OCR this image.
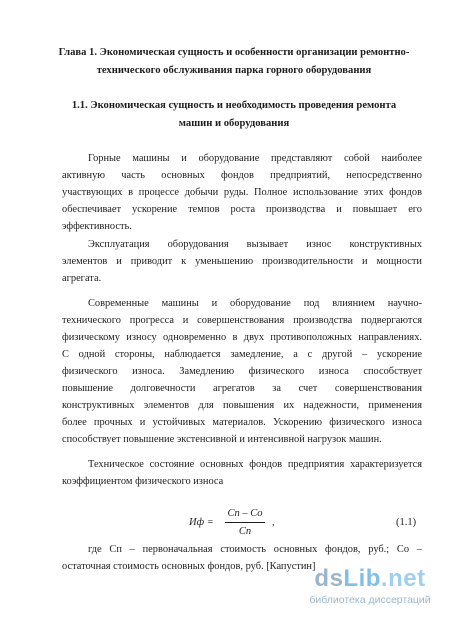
Глава 1. Экономическая сущность и особенности организации ремонтно-
технического обслуживания парка горного оборудования
1.1. Экономическая сущность и необходимость проведения ремонта
машин и оборудования
Горные машины и оборудование представляют собой наиболее
активную часть основных фондов предприятий, непосредственно
участвующих в процессе добычи руды. Полное использование этих фондов
обеспечивает ускорение темпов роста производства и повышает его
эффективность.
Эксплуатация оборудования вызывает износ конструктивных
элементов и приводит к уменьшению производительности и мощности
агрегата.
Современные машины и оборудование под влиянием научно-
технического прогресса и совершенствования производства подвергаются
физическому износу одновременно в двух противоположных направлениях.
С одной стороны, наблюдается замедление, а с другой – ускорение
физического износа. Замедлению физического износа способствует
повышение долговечности агрегатов за счет совершенствования
конструктивных элементов для повышения их надежности, применения
более прочных и устойчивых материалов. Ускорению физического износа
способствует повышение экстенсивной и интенсивной нагрузок машин.
Техническое состояние основных фондов предприятия характеризуется
коэффициентом физического износа
Иф =
Cп – Cо
Cп
,	(1.1)
где Cп – первоначальная стоимость основных фондов, руб.; Cо –
остаточная стоимость основных фондов, руб. [Капустин]
dsLib.net
библиотека диссертаций
